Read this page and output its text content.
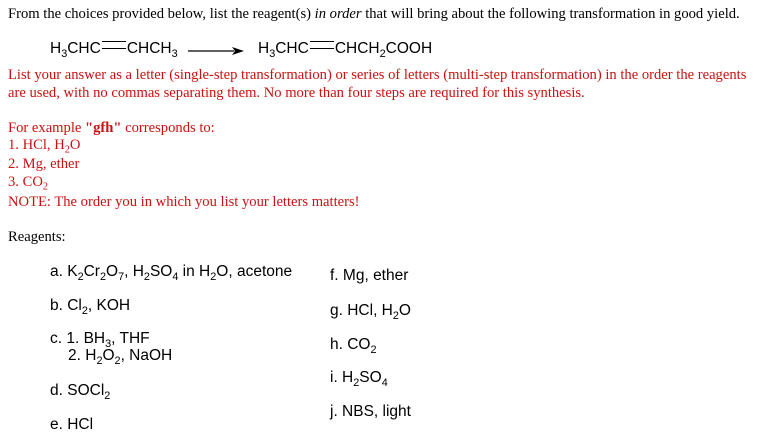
From the choices provided below, list the reagent(s) in order that will bring about the following transformation in good yield.
$H_3CHC$ $CHCH_3 \to H_3CHC$ $CHCH_2COOH$
List your answer as a letter (single-step transformation) or series of letters (multi-step transformation) in the order the reagents
are used, with no commas separating them. No more than four steps are required for this synthesis.
For example "gfh" corresponds to:
1. HCl, $H_2O$
2. Mg, ether
3. $CO_2$
NOTE: The order you in which you list your letters matters!
Reagents:
a. $K_2Cr_2O_7$, $H_2SO_4$ in $H_2O$, acetone
b. $Cl_2$, KOH
c. 1. $BH_3$, THF
2. $H_2O_2$, NaOH
d. SOCl$_2$
e. HCl
f. Mg, ether
g. HCl, $H_2O$
h. $CO_2$
i. $H_2SO_4$
j. NBS, light
